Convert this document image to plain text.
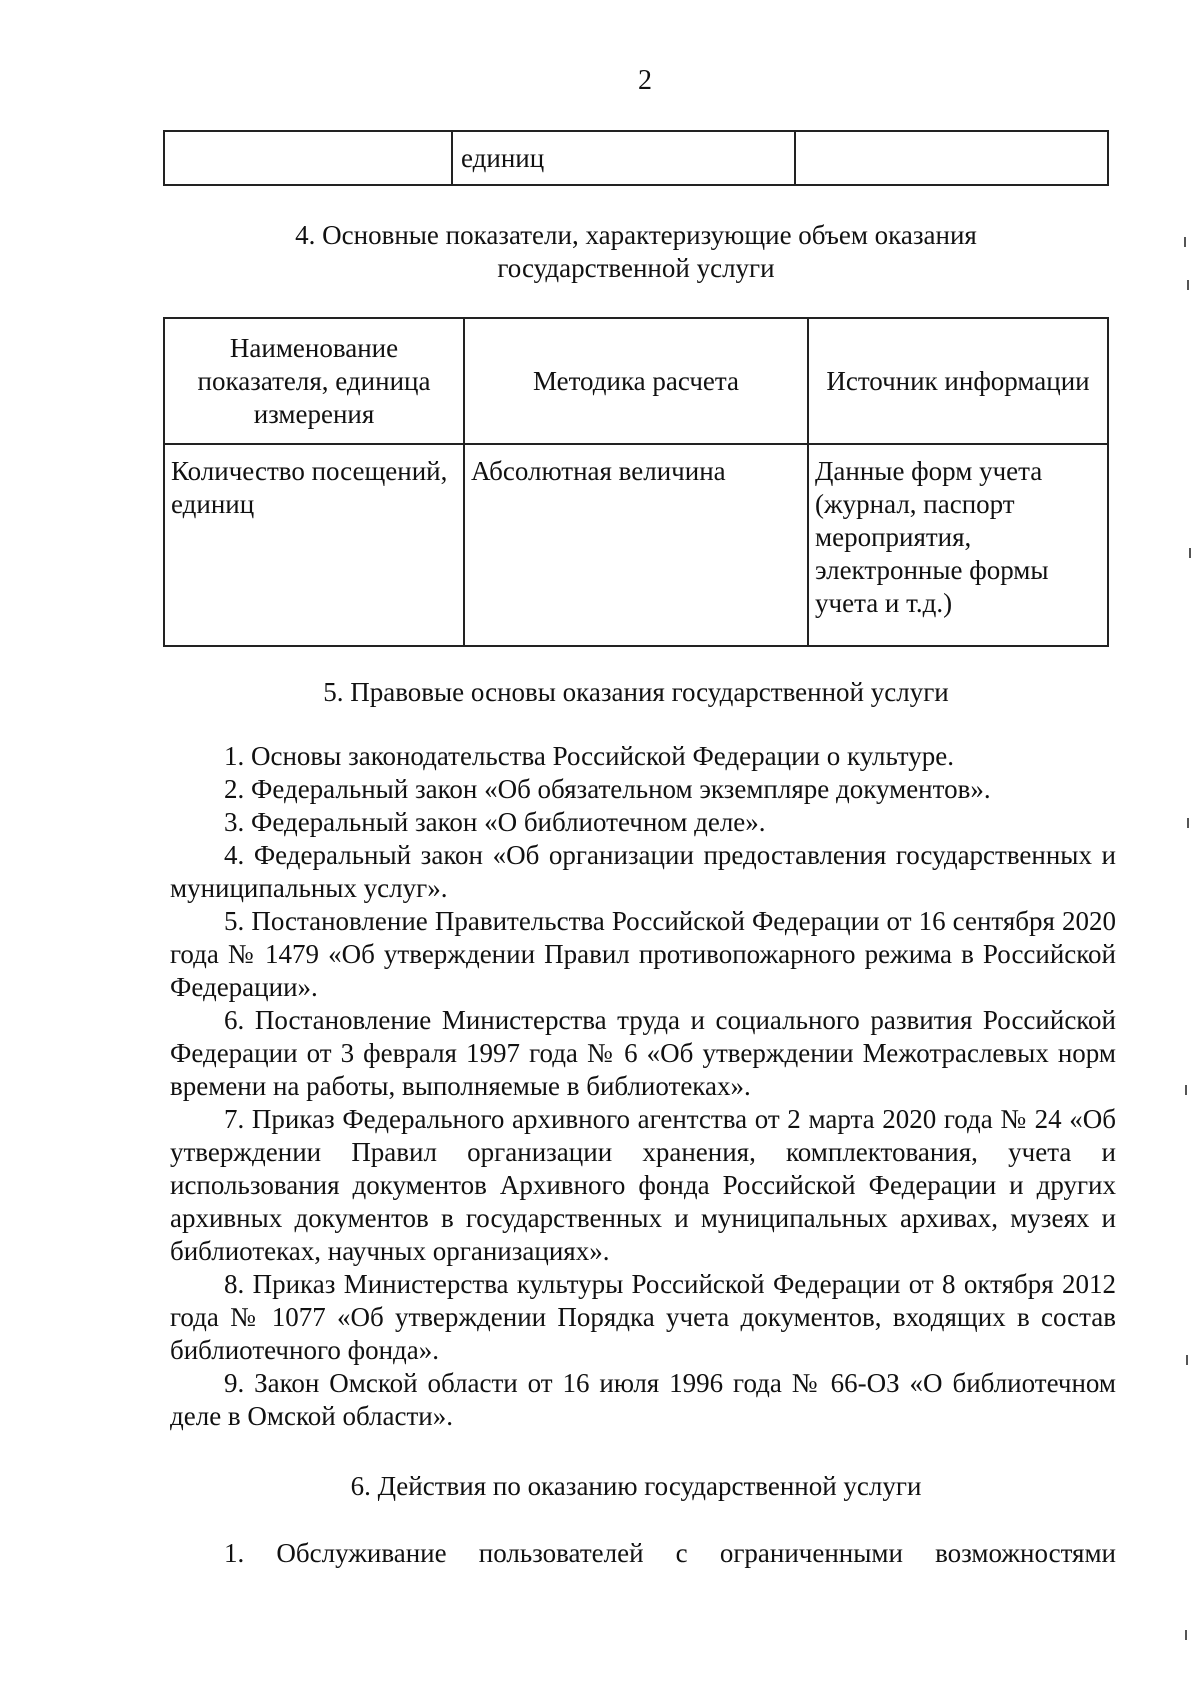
2
	единиц	
4. Основные показатели, характеризующие объем оказания
государственной услуги
Наименование показателя, единица измерения	Методика расчета	Источник информации
Количество посещений, единиц	Абсолютная величина	Данные форм учета (журнал, паспорт мероприятия, электронные формы учета и т.д.)
5. Правовые основы оказания государственной услуги

1. Основы законодательства Российской Федерации о культуре.

2. Федеральный закон «Об обязательном экземпляре документов».

3. Федеральный закон «О библиотечном деле».

4. Федеральный закон «Об организации предоставления государственных и муниципальных услуг».

5. Постановление Правительства Российской Федерации от 16 сентября 2020 года № 1479 «Об утверждении Правил противопожарного режима в Российской Федерации».

6. Постановление Министерства труда и социального развития Российской Федерации от 3 февраля 1997 года № 6 «Об утверждении Межотраслевых норм времени на работы, выполняемые в библиотеках».

7. Приказ Федерального архивного агентства от 2 марта 2020 года № 24 «Об утверждении Правил организации хранения, комплектования, учета и использования документов Архивного фонда Российской Федерации и других архивных документов в государственных и муниципальных архивах, музеях и библиотеках, научных организациях».

8. Приказ Министерства культуры Российской Федерации от 8 октября 2012 года № 1077 «Об утверждении Порядка учета документов, входящих в состав библиотечного фонда».

9. Закон Омской области от 16 июля 1996 года № 66-ОЗ «О библиотечном деле в Омской области».

6. Действия по оказанию государственной услуги
1. Обслуживание пользователей с ограниченными возможностями
